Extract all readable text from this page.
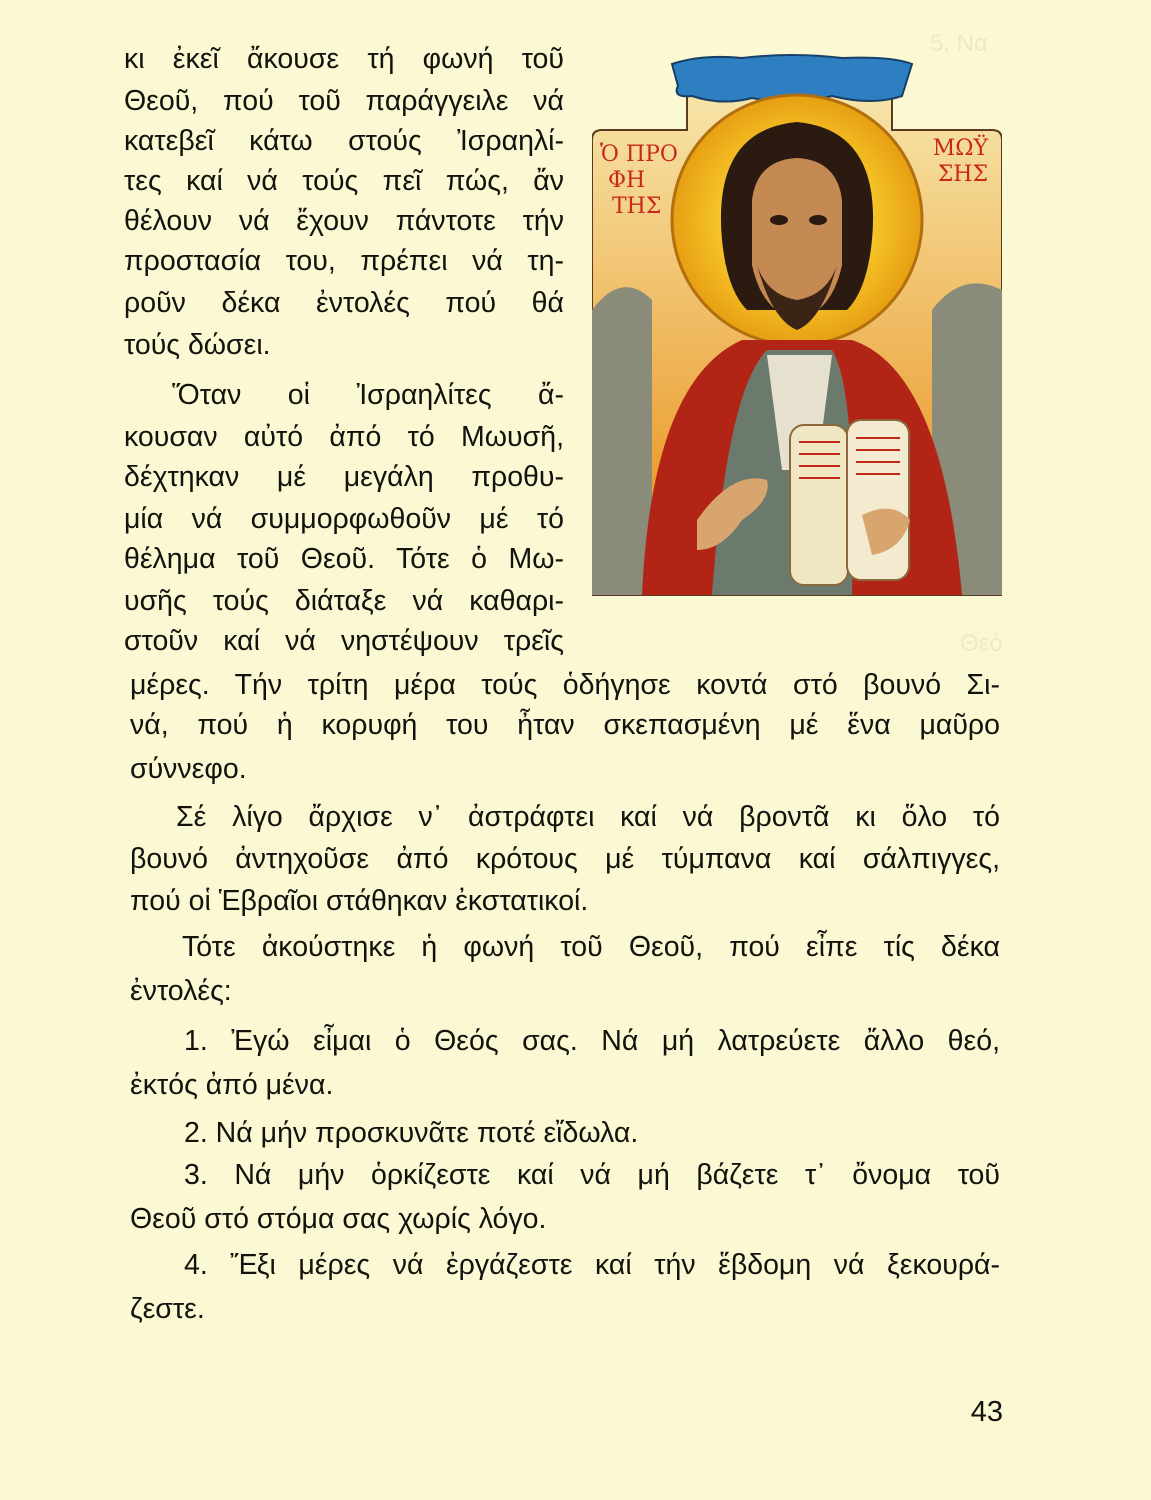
5. Να
Θεό
κι ἐκεῖ ἄκουσε τή φωνή τοῦ
Θεοῦ, πού τοῦ παράγγειλε νά
κατεβεῖ κάτω στούς Ἰσραηλί-
τες καί νά τούς πεῖ πώς, ἄν
θέλουν νά ἔχουν πάντοτε τήν
προστασία του, πρέπει νά τη-
ροῦν δέκα ἐντολές πού θά
τούς δώσει.
Ὅταν οἱ Ἰσραηλίτες ἄ-
κουσαν αὐτό ἀπό τό Μωυσῆ,
δέχτηκαν μέ μεγάλη προθυ-
μία νά συμμορφωθοῦν μέ τό
θέλημα τοῦ Θεοῦ. Τότε ὁ Μω-
υσῆς τούς διάταξε νά καθαρι-
στοῦν καί νά νηστέψουν τρεῖς
μέρες. Τήν τρίτη μέρα τούς ὁδήγησε κοντά στό βουνό Σι-
νά, πού ἡ κορυφή του ἦταν σκεπασμένη μέ ἕνα μαῦρο
σύννεφο.
Σέ λίγο ἄρχισε ν᾽ ἀστράφτει καί νά βροντᾶ κι ὅλο τό
βουνό ἀντηχοῦσε ἀπό κρότους μέ τύμπανα καί σάλπιγγες,
πού οἱ Ἑβραῖοι στάθηκαν ἐκστατικοί.
Τότε ἀκούστηκε ἡ φωνή τοῦ Θεοῦ, πού εἶπε τίς δέκα
ἐντολές:
1. Ἐγώ εἶμαι ὁ Θεός σας. Νά μή λατρεύετε ἄλλο θεό,
ἐκτός ἀπό μένα.
2. Νά μήν προσκυνᾶτε ποτέ εἴδωλα.
3. Νά μήν ὁρκίζεστε καί νά μή βάζετε τ᾽ ὄνομα τοῦ
Θεοῦ στό στόμα σας χωρίς λόγο.
4. Ἔξι μέρες νά ἐργάζεστε καί τήν ἕβδομη νά ξεκουρά-
ζεστε.
Ὁ ΠΡΟ
ΦΗ
ΤΗΣ
ΜΩΫ
ΣΗΣ
43
